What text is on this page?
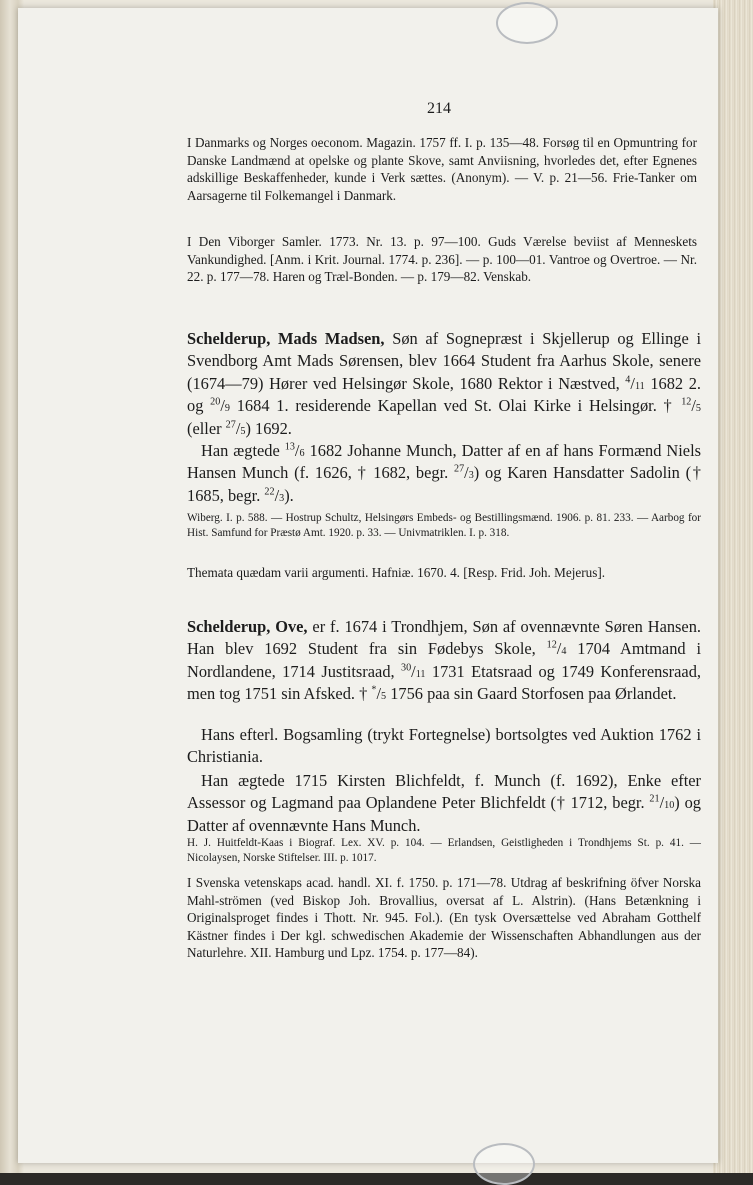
214

I Danmarks og Norges oeconom. Magazin. 1757 ff. I. p. 135—48. Forsøg til en Opmuntring for Danske Landmænd at opelske og plante Skove, samt Anviisning, hvorledes det, efter Egnenes adskillige Beskaffenheder, kunde i Verk sættes. (Anonym). — V. p. 21—56. Frie-Tanker om Aarsagerne til Folkemangel i Danmark.

I Den Viborger Samler. 1773. Nr. 13. p. 97—100. Guds Værelse beviist af Menneskets Vankundighed. [Anm. i Krit. Journal. 1774. p. 236]. — p. 100—01. Vantroe og Overtroe. — Nr. 22. p. 177—78. Haren og Træl-Bonden. — p. 179—82. Venskab.

Schelderup, Mads Madsen, Søn af Sognepræst i Skjellerup og Ellinge i Svendborg Amt Mads Sørensen, blev 1664 Student fra Aarhus Skole, senere (1674—79) Hører ved Helsingør Skole, 1680 Rektor i Næstved, $^4$/11 1682 2. og $^{20}$/9 1684 1. residerende Kapellan ved St. Olai Kirke i Helsingør. † $^{12}$/5 (eller $^{27}$/5) 1692.

Han ægtede $^{13}$/6 1682 Johanne Munch, Datter af en af hans Formænd Niels Hansen Munch (f. 1626, † 1682, begr. $^{27}$/3) og Karen Hansdatter Sadolin († 1685, begr. $^{22}$/3).

Wiberg. I. p. 588. — Hostrup Schultz, Helsingørs Embeds- og Bestillingsmænd. 1906. p. 81. 233. — Aarbog for Hist. Samfund for Præstø Amt. 1920. p. 33. — Univmatriklen. I. p. 318.

Themata quædam varii argumenti. Hafniæ. 1670. 4. [Resp. Frid. Joh. Mejerus].

Schelderup, Ove, er f. 1674 i Trondhjem, Søn af ovennævnte Søren Hansen. Han blev 1692 Student fra sin Fødebys Skole, $^{12}$/4 1704 Amtmand i Nordlandene, 1714 Justitsraad, $^{30}$/11 1731 Etatsraad og 1749 Konferensraad, men tog 1751 sin Afsked. † */5 1756 paa sin Gaard Storfosen paa Ørlandet.

Hans efterl. Bogsamling (trykt Fortegnelse) bortsolgtes ved Auktion 1762 i Christiania.

Han ægtede 1715 Kirsten Blichfeldt, f. Munch (f. 1692), Enke efter Assessor og Lagmand paa Oplandene Peter Blichfeldt († 1712, begr. $^{21}$/10) og Datter af ovennævnte Hans Munch.

H. J. Huitfeldt-Kaas i Biograf. Lex. XV. p. 104. — Erlandsen, Geistligheden i Trondhjems St. p. 41. — Nicolaysen, Norske Stiftelser. III. p. 1017.

I Svenska vetenskaps acad. handl. XI. f. 1750. p. 171—78. Utdrag af beskrifning öfver Norska Mahl-strömen (ved Biskop Joh. Brovallius, oversat af L. Alstrin). (Hans Betænkning i Originalsproget findes i Thott. Nr. 945. Fol.). (En tysk Oversættelse ved Abraham Gotthelf Kästner findes i Der kgl. schwedischen Akademie der Wissenschaften Abhandlungen aus der Naturlehre. XII. Hamburg und Lpz. 1754. p. 177—84).
